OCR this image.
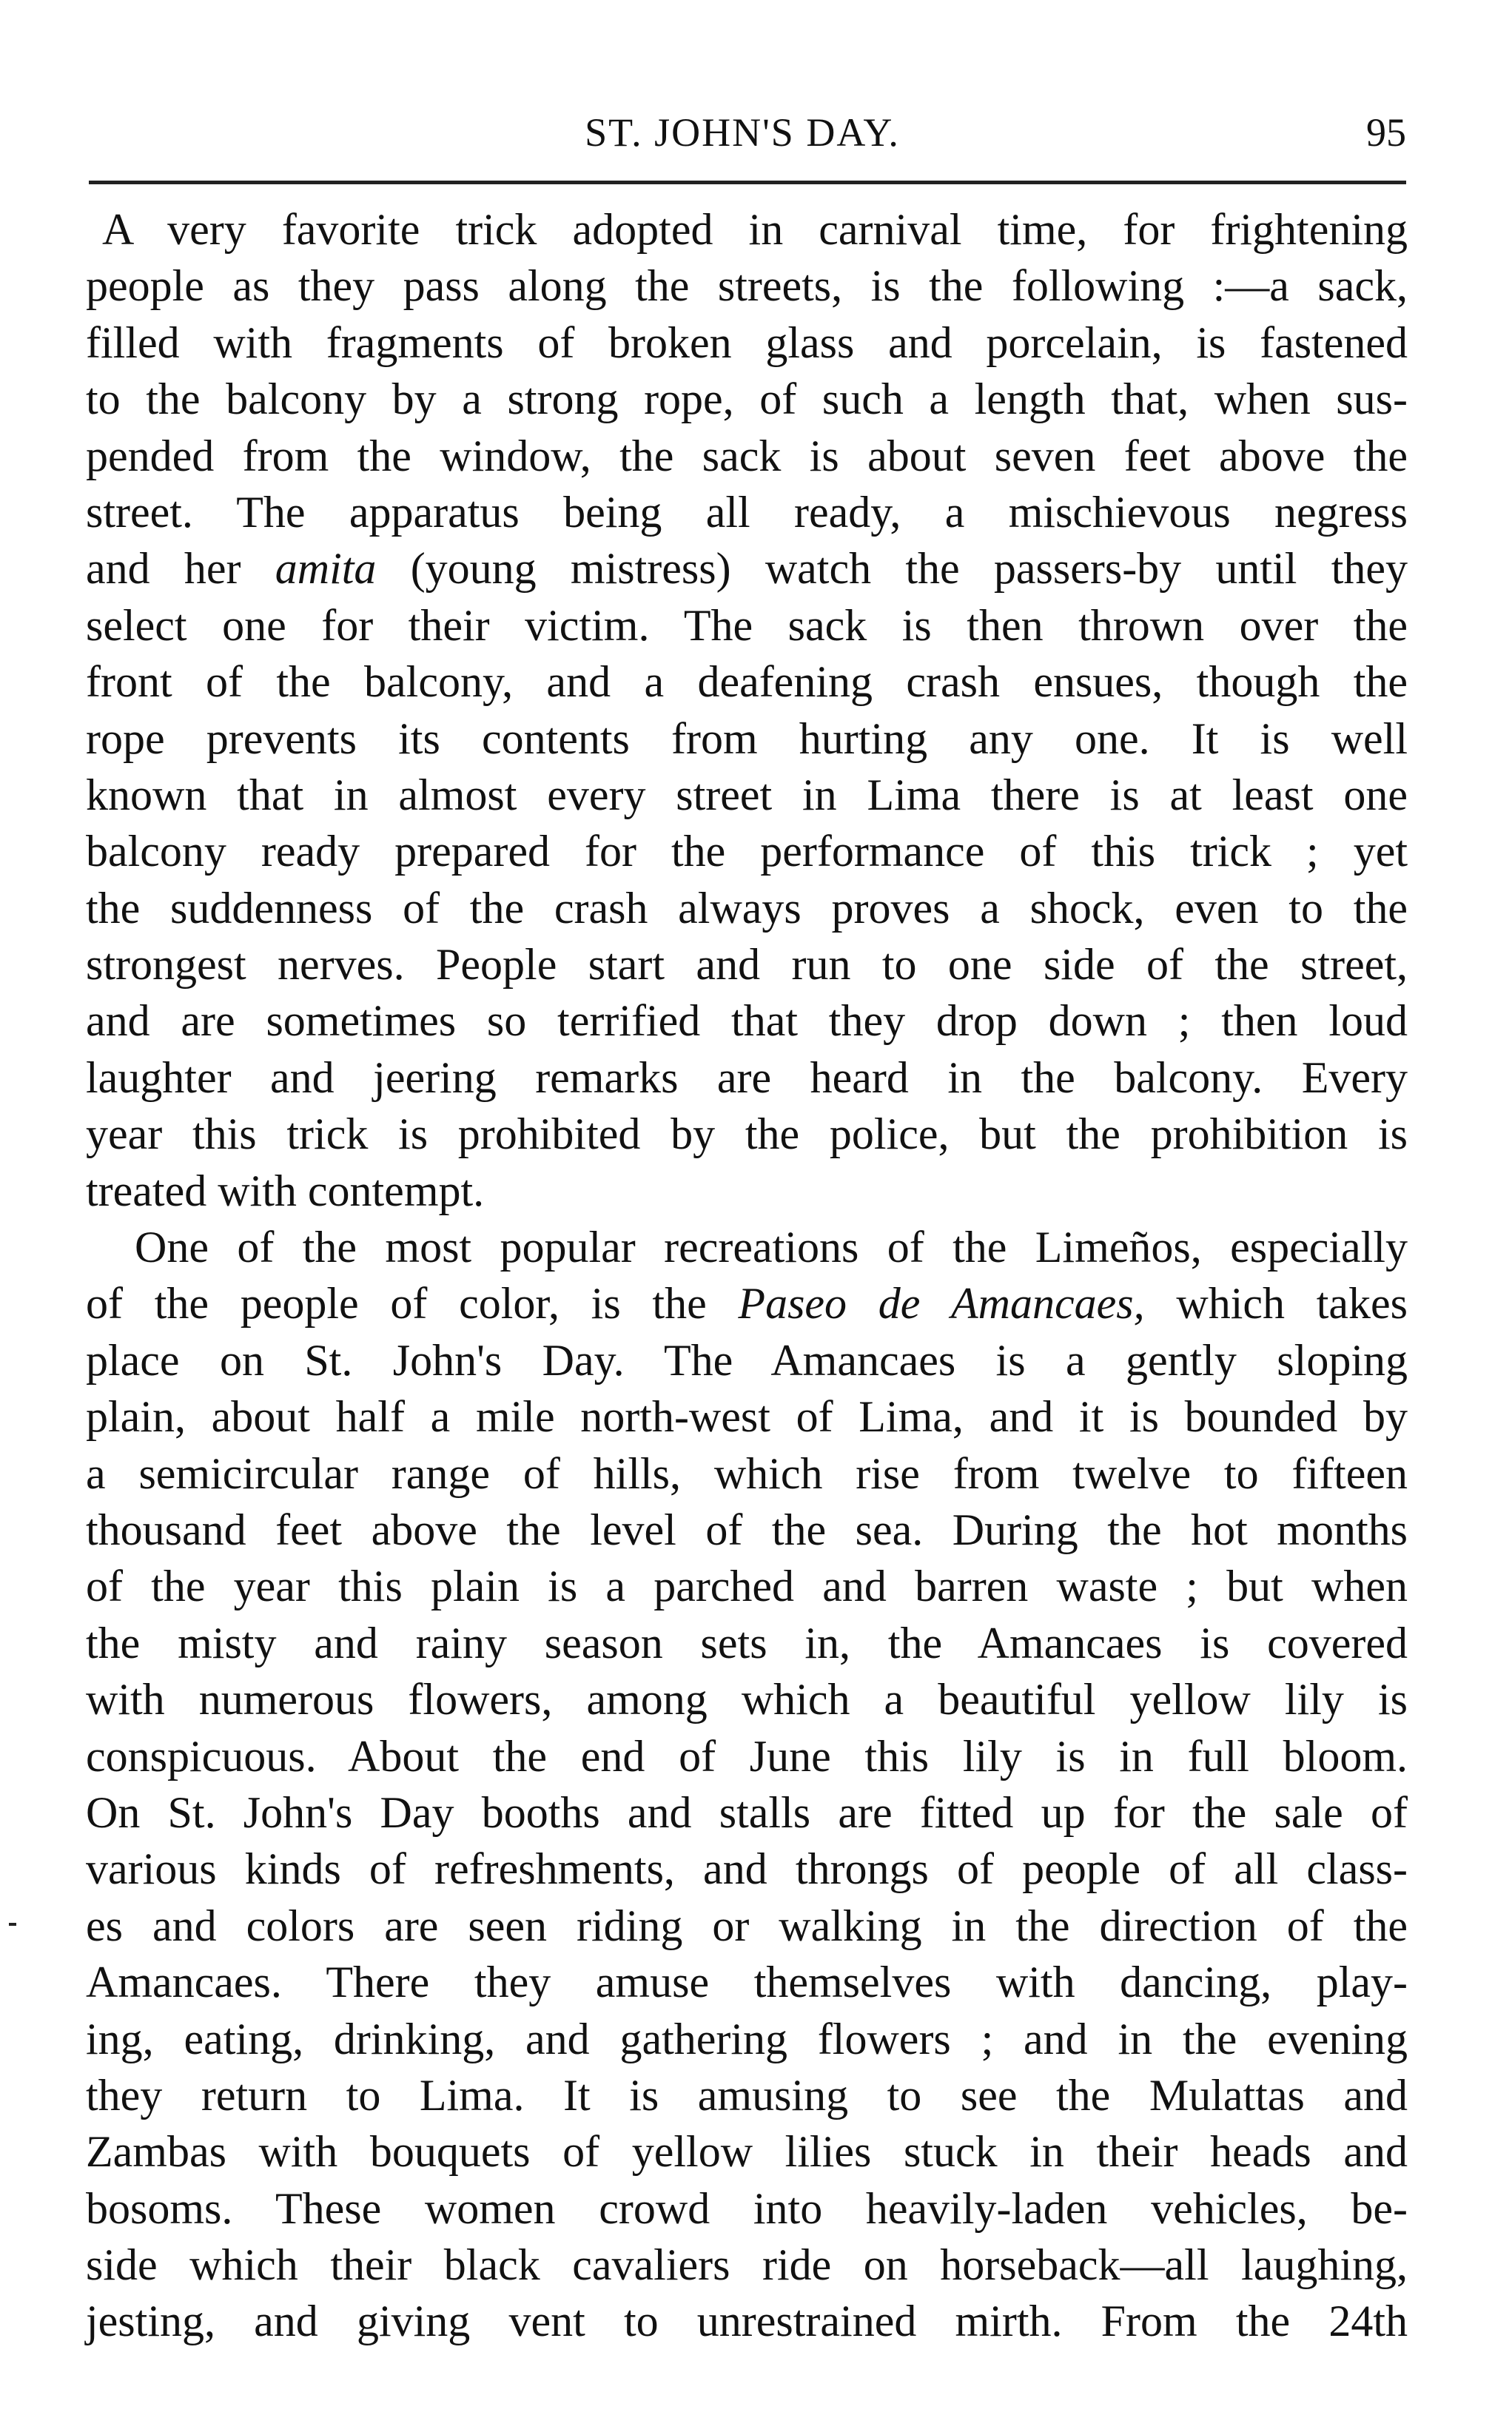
ST. JOHN'S DAY.	95
A very favorite trick adopted in carnival time, for frightening
people as they pass along the streets, is the following :—a sack,
filled with fragments of broken glass and porcelain, is fastened
to the balcony by a strong rope, of such a length that, when sus-
pended from the window, the sack is about seven feet above the
street. The apparatus being all ready, a mischievous negress
and her amita (young mistress) watch the passers-by until they
select one for their victim. The sack is then thrown over the
front of the balcony, and a deafening crash ensues, though the
rope prevents its contents from hurting any one. It is well
known that in almost every street in Lima there is at least one
balcony ready prepared for the performance of this trick ; yet
the suddenness of the crash always proves a shock, even to the
strongest nerves. People start and run to one side of the street,
and are sometimes so terrified that they drop down ; then loud
laughter and jeering remarks are heard in the balcony. Every
year this trick is prohibited by the police, but the prohibition is
treated with contempt.
One of the most popular recreations of the Limeños, especially
of the people of color, is the Paseo de Amancaes, which takes
place on St. John's Day. The Amancaes is a gently sloping
plain, about half a mile north-west of Lima, and it is bounded by
a semicircular range of hills, which rise from twelve to fifteen
thousand feet above the level of the sea. During the hot months
of the year this plain is a parched and barren waste ; but when
the misty and rainy season sets in, the Amancaes is covered
with numerous flowers, among which a beautiful yellow lily is
conspicuous. About the end of June this lily is in full bloom.
On St. John's Day booths and stalls are fitted up for the sale of
various kinds of refreshments, and throngs of people of all class-
es and colors are seen riding or walking in the direction of the
Amancaes. There they amuse themselves with dancing, play-
ing, eating, drinking, and gathering flowers ; and in the evening
they return to Lima. It is amusing to see the Mulattas and
Zambas with bouquets of yellow lilies stuck in their heads and
bosoms. These women crowd into heavily-laden vehicles, be-
side which their black cavaliers ride on horseback—all laughing,
jesting, and giving vent to unrestrained mirth. From the 24th
